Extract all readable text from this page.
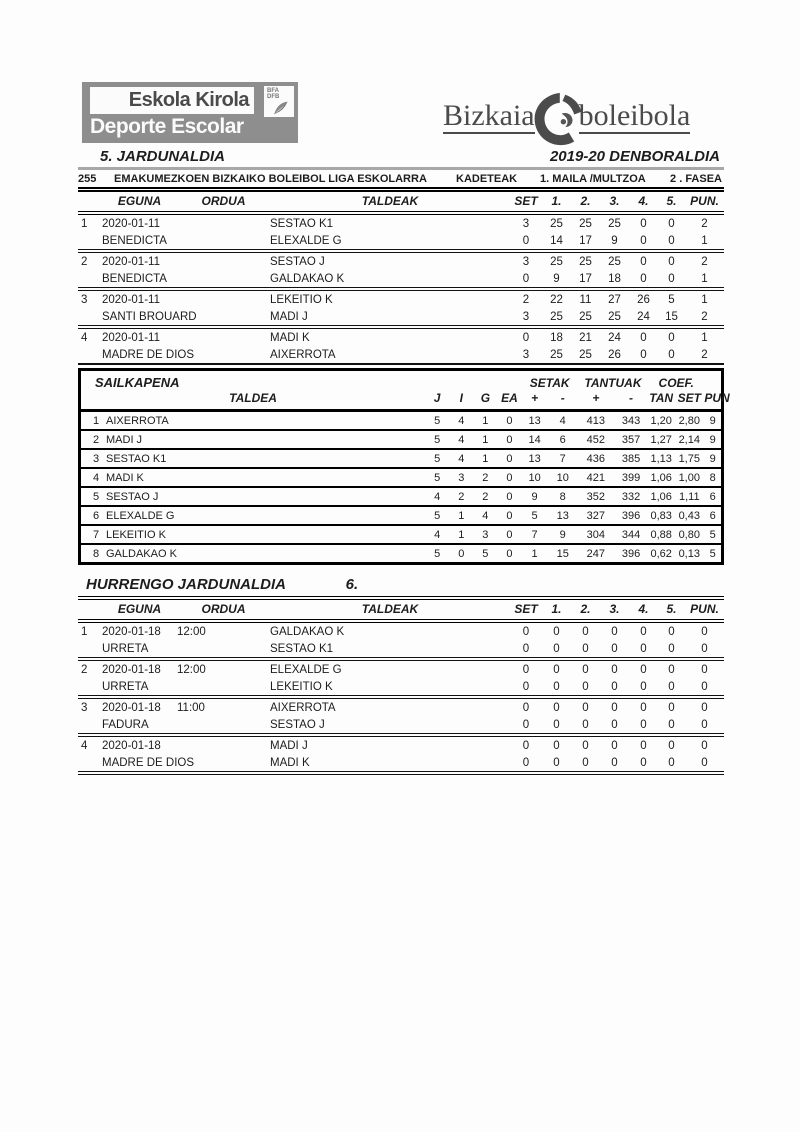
Eskola Kirola
Deporte Escolar
BFA
DFB
Bizkaia boleibola
5. JARDUNALDIA	2019-20 DENBORALDIA
255	EMAKUMEZKOEN BIZKAIKO BOLEIBOL LIGA ESKOLARRA	KADETEAK	1. MAILA /MULTZOA	2 . FASEA
	EGUNA	ORDUA	TALDEAK	SET	1.	2.	3.	4.	5.	PUN.
1	2020-01-11		SESTAO K1	3	25	25	25	0	0	2
	BENEDICTA		ELEXALDE G	0	14	17	9	0	0	1
2	2020-01-11		SESTAO J	3	25	25	25	0	0	2
	BENEDICTA		GALDAKAO K	0	9	17	18	0	0	1
3	2020-01-11		LEKEITIO K	2	22	11	27	26	5	1
	SANTI BROUARD		MADI J	3	25	25	25	24	15	2
4	2020-01-11		MADI K	0	18	21	24	0	0	1
	MADRE DE DIOS		AIXERROTA	3	25	25	26	0	0	2
SAILKAPENA					SETAK		TANTUAK		COEF.		
TALDEA	J	I	G	EA	+	-	+	-	TAN	SET	PUN
1 AIXERROTA	5	4	1	0	13	4	413	343	1,20	2,80	9
2 MADI J	5	4	1	0	14	6	452	357	1,27	2,14	9
3 SESTAO K1	5	4	1	0	13	7	436	385	1,13	1,75	9
4 MADI K	5	3	2	0	10	10	421	399	1,06	1,00	8
5 SESTAO J	4	2	2	0	9	8	352	332	1,06	1,11	6
6 ELEXALDE G	5	1	4	0	5	13	327	396	0,83	0,43	6
7 LEKEITIO K	4	1	3	0	7	9	304	344	0,88	0,80	5
8 GALDAKAO K	5	0	5	0	1	15	247	396	0,62	0,13	5
HURRENGO JARDUNALDIA	6.
	EGUNA	ORDUA	TALDEAK	SET	1.	2.	3.	4.	5.	PUN.
1	2020-01-18	12:00	GALDAKAO K	0	0	0	0	0	0	0
	URRETA		SESTAO K1	0	0	0	0	0	0	0
2	2020-01-18	12:00	ELEXALDE G	0	0	0	0	0	0	0
	URRETA		LEKEITIO K	0	0	0	0	0	0	0
3	2020-01-18	11:00	AIXERROTA	0	0	0	0	0	0	0
	FADURA		SESTAO J	0	0	0	0	0	0	0
4	2020-01-18		MADI J	0	0	0	0	0	0	0
	MADRE DE DIOS		MADI K	0	0	0	0	0	0	0
